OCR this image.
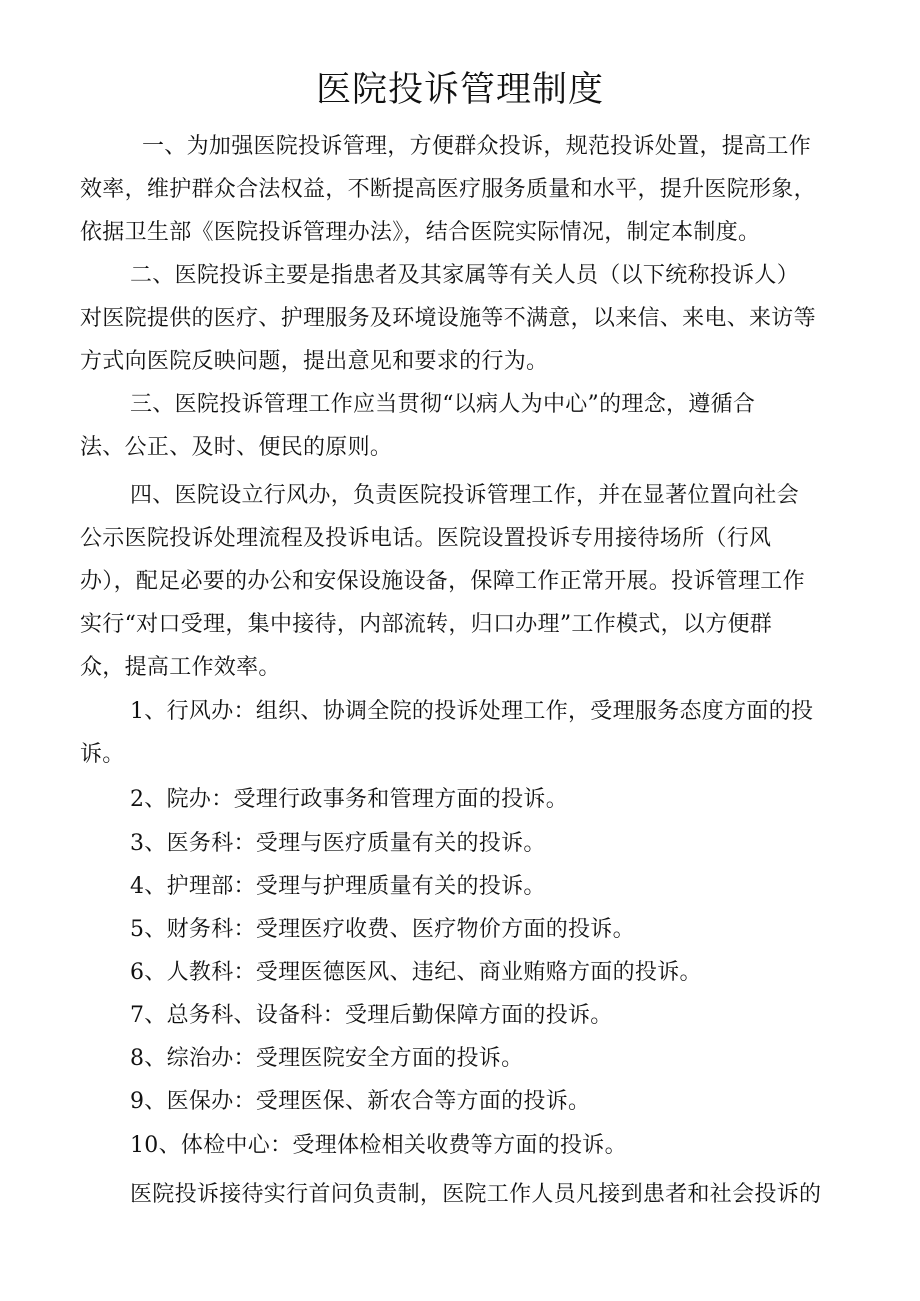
医院投诉管理制度
一、为加强医院投诉管理，方便群众投诉，规范投诉处置，提高工作
效率，维护群众合法权益，不断提高医疗服务质量和水平，提升医院形象，
依据卫生部《医院投诉管理办法》，结合医院实际情况，制定本制度。
二、医院投诉主要是指患者及其家属等有关人员（以下统称投诉人）
对医院提供的医疗、护理服务及环境设施等不满意，以来信、来电、来访等
方式向医院反映问题，提出意见和要求的行为。
三、医院投诉管理工作应当贯彻“以病人为中心”的理念，遵循合
法、公正、及时、便民的原则。
四、医院设立行风办，负责医院投诉管理工作，并在显著位置向社会
公示医院投诉处理流程及投诉电话。医院设置投诉专用接待场所（行风
办），配足必要的办公和安保设施设备，保障工作正常开展。投诉管理工作
实行“对口受理，集中接待，内部流转，归口办理”工作模式，以方便群
众，提高工作效率。
1、行风办：组织、协调全院的投诉处理工作，受理服务态度方面的投
诉。
2、院办：受理行政事务和管理方面的投诉。
3、医务科：受理与医疗质量有关的投诉。
4、护理部：受理与护理质量有关的投诉。
5、财务科：受理医疗收费、医疗物价方面的投诉。
6、人教科：受理医德医风、违纪、商业贿赂方面的投诉。
7、总务科、设备科：受理后勤保障方面的投诉。
8、综治办：受理医院安全方面的投诉。
9、医保办：受理医保、新农合等方面的投诉。
10、体检中心：受理体检相关收费等方面的投诉。
医院投诉接待实行首问负责制，医院工作人员凡接到患者和社会投诉的
